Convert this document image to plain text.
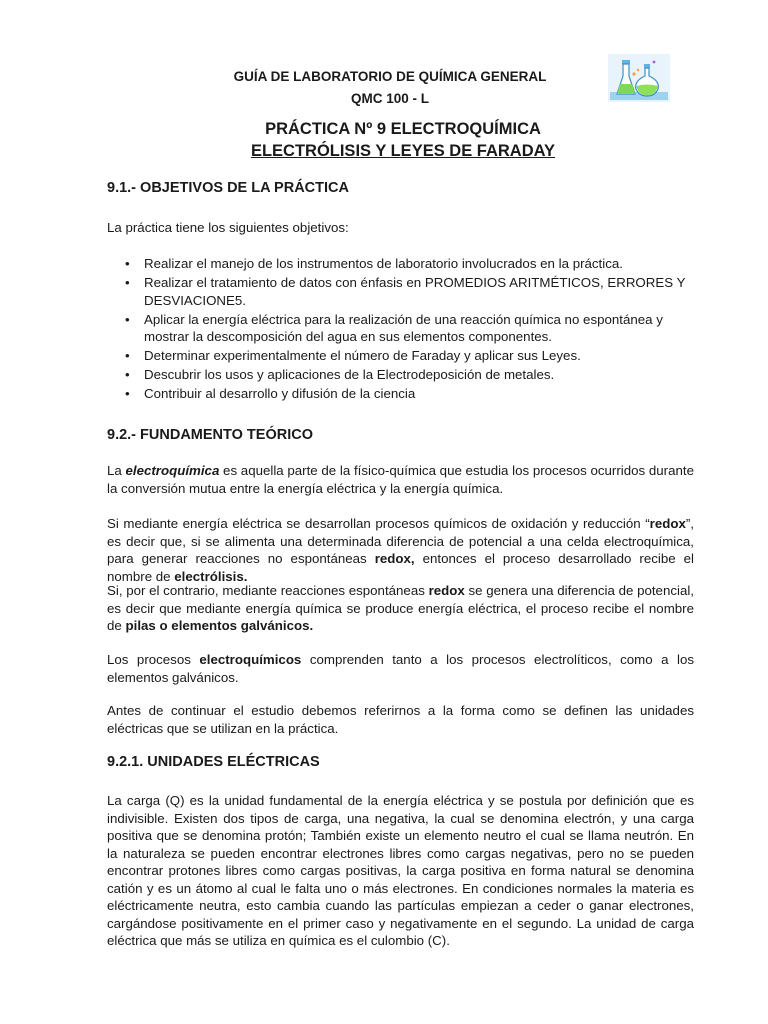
GUÍA DE LABORATORIO DE QUÍMICA GENERAL
QMC 100 - L
PRÁCTICA Nº 9 ELECTROQUÍMICA
ELECTRÓLISIS Y LEYES DE FARADAY
9.1.- OBJETIVOS DE LA PRÁCTICA
La práctica tiene los siguientes objetivos:
• Realizar el manejo de los instrumentos de laboratorio involucrados en la práctica.
• Realizar el tratamiento de datos con énfasis en PROMEDIOS ARITMÉTICOS, ERRORES Y DESVIACIONE5.
• Aplicar la energía eléctrica para la realización de una reacción química no espontánea y mostrar la descomposición del agua en sus elementos componentes.
• Determinar experimentalmente el número de Faraday y aplicar sus Leyes.
• Descubrir los usos y aplicaciones de la Electrodeposición de metales.
• Contribuir al desarrollo y difusión de la ciencia
9.2.- FUNDAMENTO TEÓRICO
La electroquímica es aquella parte de la físico-química que estudia los procesos ocurridos durante la conversión mutua entre la energía eléctrica y la energía química.
Si mediante energía eléctrica se desarrollan procesos químicos de oxidación y reducción “redox”, es decir que, si se alimenta una determinada diferencia de potencial a una celda electroquímica, para generar reacciones no espontáneas redox, entonces el proceso desarrollado recibe el nombre de electrólisis.
Si, por el contrario, mediante reacciones espontáneas redox se genera una diferencia de potencial, es decir que mediante energía química se produce energía eléctrica, el proceso recibe el nombre de pilas o elementos galvánicos.
Los procesos electroquímicos comprenden tanto a los procesos electrolíticos, como a los elementos galvánicos.
Antes de continuar el estudio debemos referirnos a la forma como se definen las unidades eléctricas que se utilizan en la práctica.
9.2.1. UNIDADES ELÉCTRICAS
La carga (Q) es la unidad fundamental de la energía eléctrica y se postula por definición que es indivisible. Existen dos tipos de carga, una negativa, la cual se denomina electrón, y una carga positiva que se denomina protón; También existe un elemento neutro el cual se llama neutrón. En la naturaleza se pueden encontrar electrones libres como cargas negativas, pero no se pueden encontrar protones libres como cargas positivas, la carga positiva en forma natural se denomina catión y es un átomo al cual le falta uno o más electrones. En condiciones normales la materia es eléctricamente neutra, esto cambia cuando las partículas empiezan a ceder o ganar electrones, cargándose positivamente en el primer caso y negativamente en el segundo. La unidad de carga eléctrica que más se utiliza en química es el culombio (C).
